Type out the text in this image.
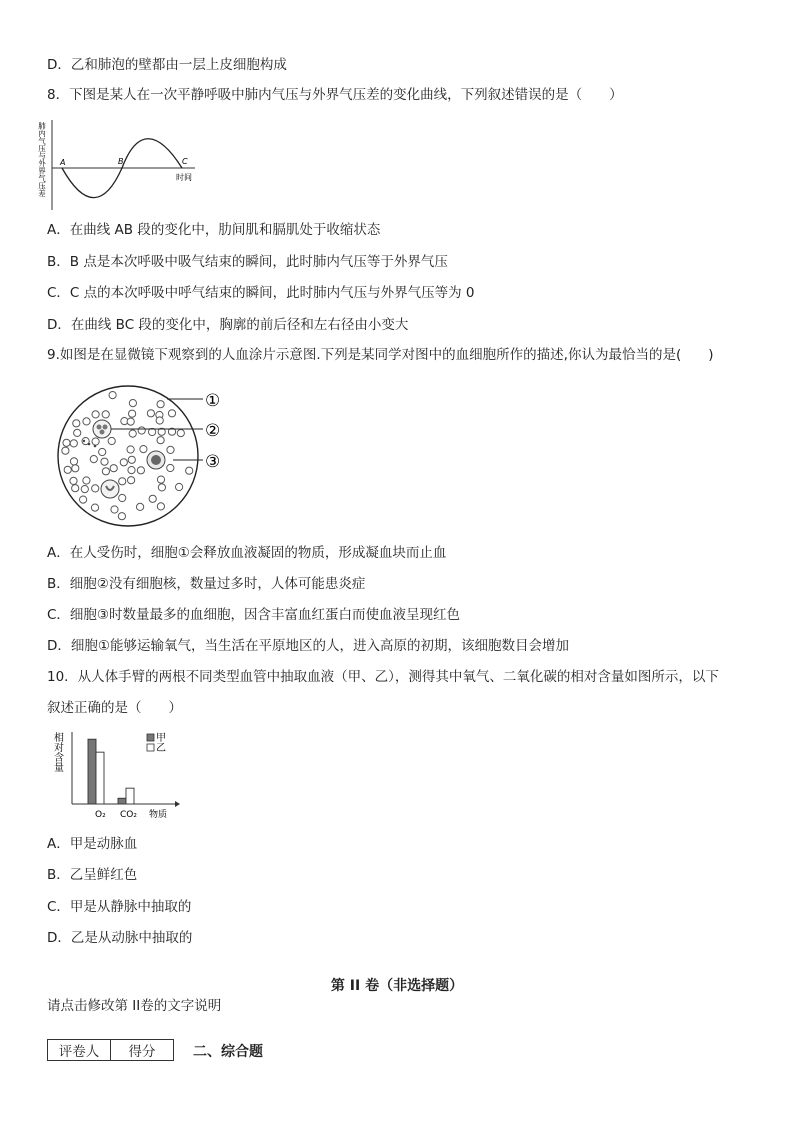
D．乙和肺泡的壁都由一层上皮细胞构成
8．下图是某人在一次平静呼吸中肺内气压与外界气压差的变化曲线，下列叙述错误的是（　　）
肺内气压与外界气压差 A	B	C
时间
A．在曲线 AB 段的变化中，肋间肌和膈肌处于收缩状态
B．B 点是本次呼吸中吸气结束的瞬间，此时肺内气压等于外界气压
C．C 点的本次呼吸中呼气结束的瞬间，此时肺内气压与外界气压等为 0
D．在曲线 BC 段的变化中，胸廓的前后径和左右径由小变大
9.如图是在显微镜下观察到的人血涂片示意图.下列是某同学对图中的血细胞所作的描述,你认为最恰当的是(　　)
①
②
③
A．在人受伤时，细胞①会释放血液凝固的物质，形成凝血块而止血
B．细胞②没有细胞核，数量过多时，人体可能患炎症
C．细胞③时数量最多的血细胞，因含丰富血红蛋白而使血液呈现红色
D．细胞①能够运输氧气，当生活在平原地区的人，进入高原的初期，该细胞数目会增加
10．从人体手臂的两根不同类型血管中抽取血液（甲、乙），测得其中氧气、二氧化碳的相对含量如图所示，以下
叙述正确的是（　　）
相对含量
O₂ CO₂ 物质
甲
乙
A．甲是动脉血
B．乙呈鲜红色
C．甲是从静脉中抽取的
D．乙是从动脉中抽取的
第 II 卷（非选择题）
请点击修改第 II卷的文字说明
评卷人	得分	二、综合题
